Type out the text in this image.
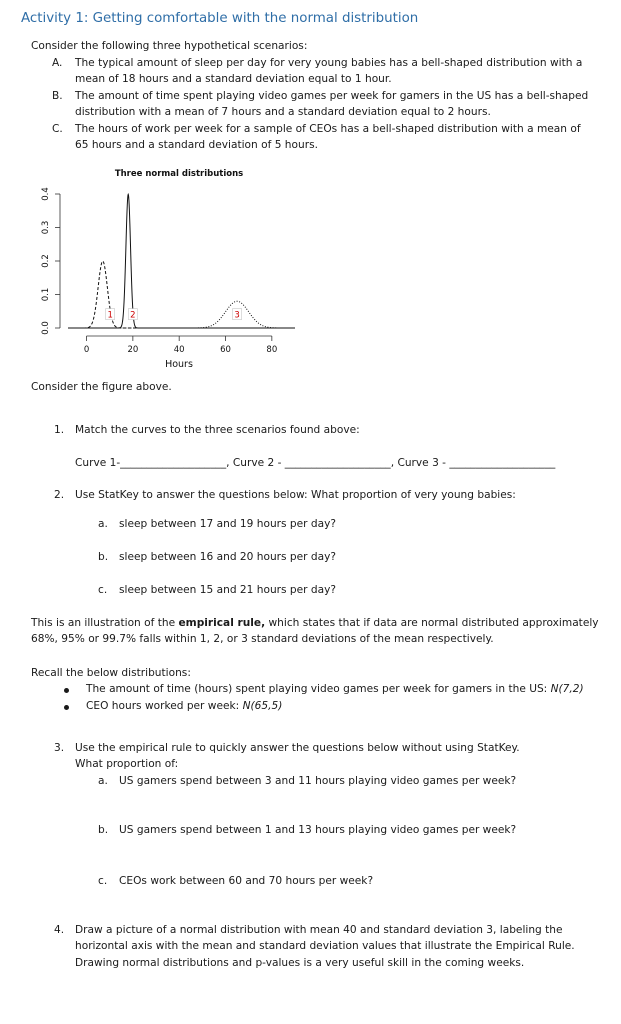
Activity 1: Getting comfortable with the normal distribution
Consider the following three hypothetical scenarios:
A. The typical amount of sleep per day for very young babies has a bell-shaped distribution with a
mean of 18 hours and a standard deviation equal to 1 hour.
B. The amount of time spent playing video games per week for gamers in the US has a bell-shaped
distribution with a mean of 7 hours and a standard deviation equal to 2 hours.
C. The hours of work per week for a sample of CEOs has a bell-shaped distribution with a mean of
65 hours and a standard deviation of 5 hours.
Three normal distributions
0.0
0.1
0.2
0.3
0.4
0	20	40	60	80
1 2	3
Hours
Consider the figure above.
1. Match the curves to the three scenarios found above:
Curve 1-____________________, Curve 2 - ____________________, Curve 3 - ____________________
2. Use StatKey to answer the questions below: What proportion of very young babies:
a. sleep between 17 and 19 hours per day?
b. sleep between 16 and 20 hours per day?
c. sleep between 15 and 21 hours per day?
This is an illustration of the empirical rule, which states that if data are normal distributed approximately
68%, 95% or 99.7% falls within 1, 2, or 3 standard deviations of the mean respectively.
Recall the below distributions:
The amount of time (hours) spent playing video games per week for gamers in the US: N(7,2)
CEO hours worked per week: N(65,5)
3. Use the empirical rule to quickly answer the questions below without using StatKey.
What proportion of:
a. US gamers spend between 3 and 11 hours playing video games per week?
b. US gamers spend between 1 and 13 hours playing video games per week?
c. CEOs work between 60 and 70 hours per week?
4. Draw a picture of a normal distribution with mean 40 and standard deviation 3, labeling the
horizontal axis with the mean and standard deviation values that illustrate the Empirical Rule.
Drawing normal distributions and p-values is a very useful skill in the coming weeks.
